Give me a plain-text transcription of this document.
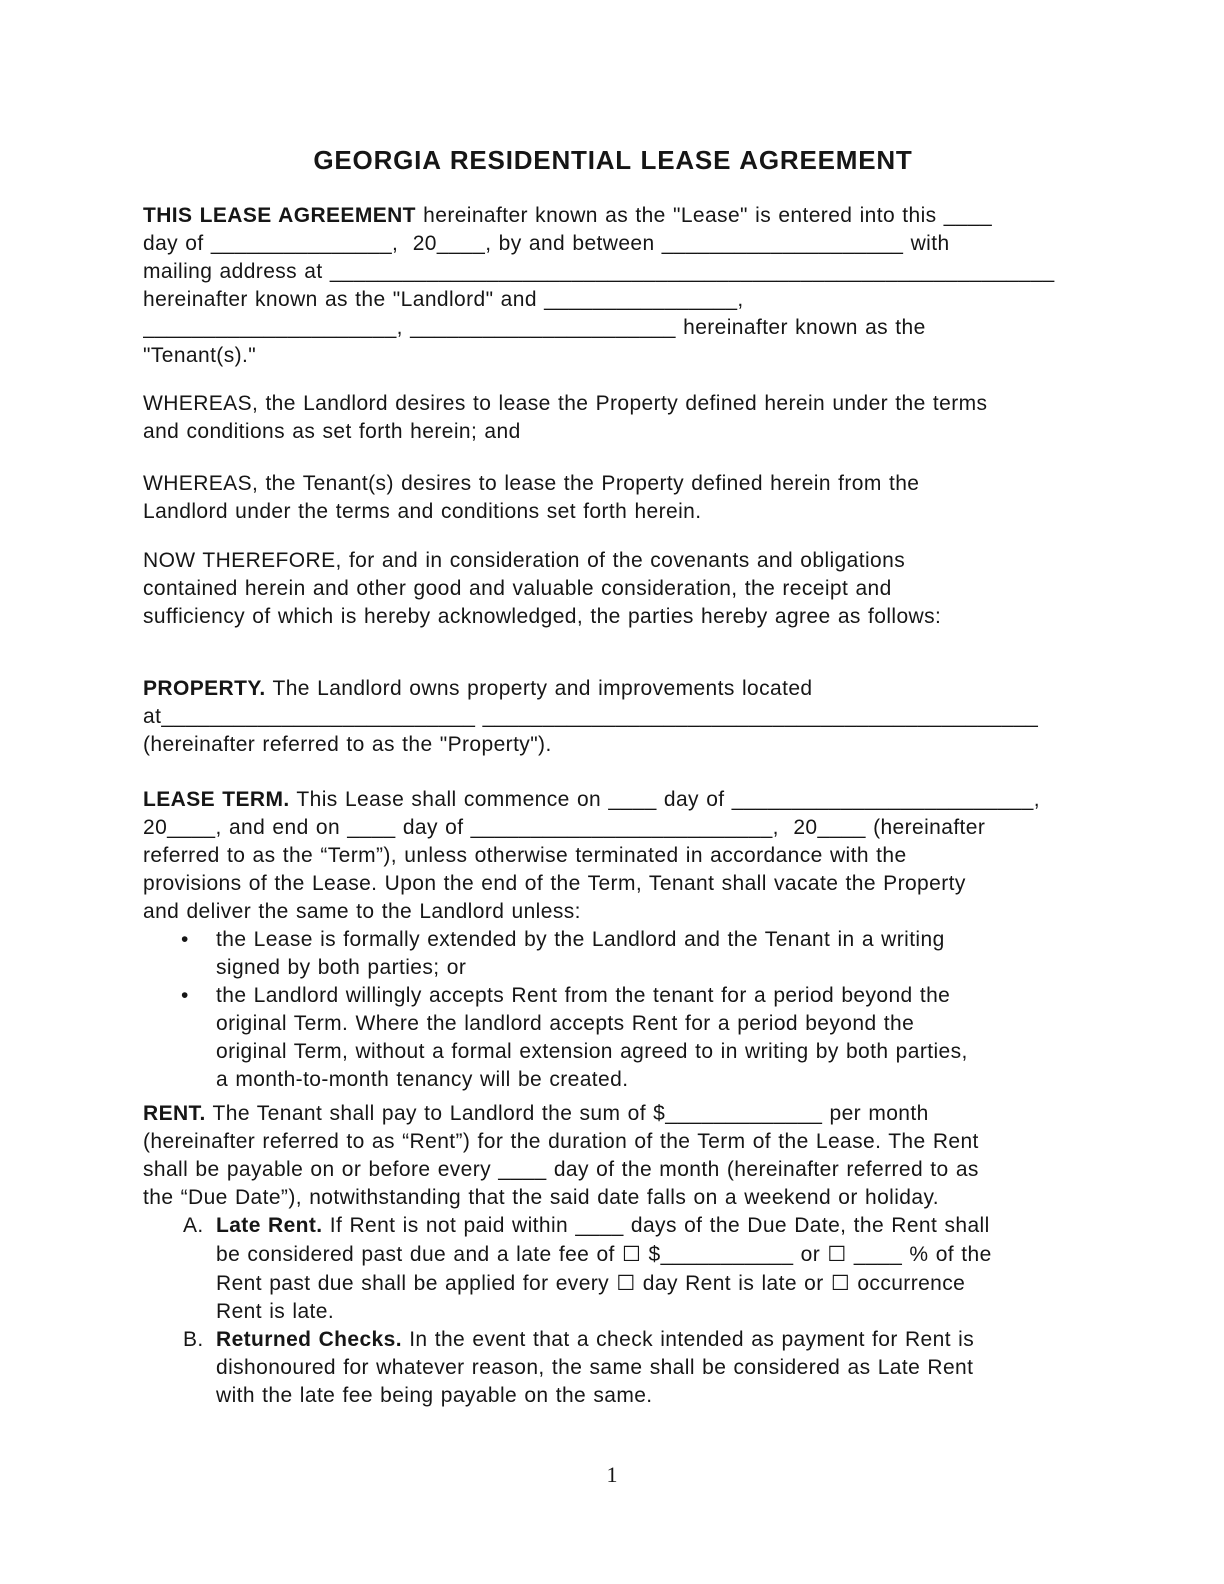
GEORGIA RESIDENTIAL LEASE AGREEMENT
THIS LEASE AGREEMENT hereinafter known as the "Lease" is entered into this ____
day of _______________,  20____, by and between ____________________ with
mailing address at ____________________________________________________________
hereinafter known as the "Landlord" and ________________,
_____________________, ______________________ hereinafter known as the
"Tenant(s)."
WHEREAS, the Landlord desires to lease the Property defined herein under the terms
and conditions as set forth herein; and
WHEREAS, the Tenant(s) desires to lease the Property defined herein from the
Landlord under the terms and conditions set forth herein.
NOW THEREFORE, for and in consideration of the covenants and obligations
contained herein and other good and valuable consideration, the receipt and
sufficiency of which is hereby acknowledged, the parties hereby agree as follows:
PROPERTY. The Landlord owns property and improvements located
at__________________________ ______________________________________________
(hereinafter referred to as the "Property").
LEASE TERM. This Lease shall commence on ____ day of _________________________,
20____, and end on ____ day of _________________________,  20____ (hereinafter
referred to as the “Term”), unless otherwise terminated in accordance with the
provisions of the Lease. Upon the end of the Term, Tenant shall vacate the Property
and deliver the same to the Landlord unless:
• the Lease is formally extended by the Landlord and the Tenant in a writing
signed by both parties; or
• the Landlord willingly accepts Rent from the tenant for a period beyond the
original Term. Where the landlord accepts Rent for a period beyond the
original Term, without a formal extension agreed to in writing by both parties,
a month-to-month tenancy will be created.
RENT. The Tenant shall pay to Landlord the sum of $_____________ per month
(hereinafter referred to as “Rent”) for the duration of the Term of the Lease. The Rent
shall be payable on or before every ____ day of the month (hereinafter referred to as
the “Due Date”), notwithstanding that the said date falls on a weekend or holiday.
A. Late Rent. If Rent is not paid within ____ days of the Due Date, the Rent shall
be considered past due and a late fee of ☐ $___________ or ☐ ____ % of the
Rent past due shall be applied for every ☐ day Rent is late or ☐ occurrence
Rent is late.
B. Returned Checks. In the event that a check intended as payment for Rent is
dishonoured for whatever reason, the same shall be considered as Late Rent
with the late fee being payable on the same.
1
